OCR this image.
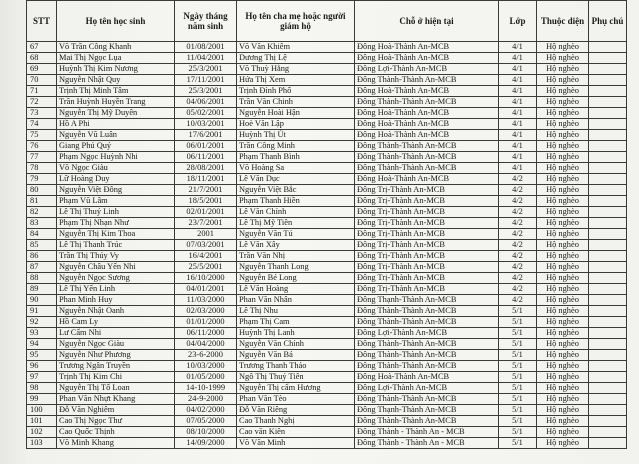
STT	Họ tên học sinh	Ngày tháng năm sinh	Họ tên cha mẹ hoặc người giám hộ	Chỗ ở hiện tại	Lớp	Thuộc diện	Phụ chú
67	Võ Trần Công Khanh	01/08/2001	Võ Văn Khiêm	Đông Hoà-Thành An-MCB	4/1	Hộ nghèo	
68	Mai Thị Ngọc Lụa	11/04/2001	Dương Thị Lệ	Đông Hoà-Thành An-MCB	4/1	Hộ nghèo	
69	Huỳnh Thị Kim Nương	25/3/2001	Võ Thuỳ Hằng	Đông Lợi-Thành An-MCB	4/1	Hộ nghèo	
70	Nguyễn Nhật Quy	17/11/2001	Hứa Thị Xem	Đông Thành-Thành An-MCB	4/1	Hộ nghèo	
71	Trịnh Thị Minh Tâm	25/3/2001	Trịnh Đình Phố	Đông Hoà-Thành An-MCB	4/1	Hộ nghèo	
72	Trần Huỳnh Huyền Trang	04/06/2001	Trần Văn Chinh	Đông Thành-Thành An-MCB	4/1	Hộ nghèo	
73	Nguyễn Thị Mỹ Duyên	05/02/2001	Nguyễn Hoài Hận	Đông Hoà-Thành An-MCB	4/1	Hộ nghèo	
74	Hồ A Phi	10/03/2001	Hoè Văn Lập	Đông Hoà-Thành An-MCB	4/1	Hộ nghèo	
75	Nguyễn Vũ Luân	17/6/2001	Huỳnh Thị Út	Đông Hoà-Thành An-MCB	4/1	Hộ nghèo	
76	Giang Phú Quý	06/01/2001	Trần Công Minh	Đông Thành-Thành An-MCB	4/1	Hộ nghèo	
77	Phạm Ngọc Huỳnh Nhi	06/11/2001	Phạm Thanh Bình	Đông Thành-Thành An-MCB	4/1	Hộ nghèo	
78	Võ Ngọc Giàu	28/08/2001	Võ Hoàng Sa	Đông Thành-Thành An-MCB	4/1	Hộ nghèo	
79	Lữ Hoàng Duy	18/11/2001	Lê Văn Dục	Đông Hoà-Thành An-MCB	4/2	Hộ nghèo	
80	Nguyễn Việt Đông	21/7/2001	Nguyễn Việt Bắc	Đông Trị-Thành An-MCB	4/2	Hộ nghèo	
81	Phạm Vũ Lâm	18/5/2001	Phạm Thanh Hiền	Đông Trị-Thành An-MCB	4/2	Hộ nghèo	
82	Lê Thị Thuý Linh	02/01/2001	Lê Văn Chính	Đông Trị-Thành An-MCB	4/2	Hộ nghèo	
83	Phạm Thị Nhạn Như	23/7/2001	Lê Thị Mỹ Tiên	Đông Trị-Thành An-MCB	4/2	Hộ nghèo	
84	Nguyễn Thị Kim Thoa	2001	Nguyễn Văn Tú	Đông Trị-Thành An-MCB	4/2	Hộ nghèo	
85	Lê Thị Thanh Trúc	07/03/2001	Lê Văn Xây	Đông Trị-Thành An-MCB	4/2	Hộ nghèo	
86	Trần Thị Thúy Vy	16/4/2001	Trần Văn Nhị	Đông Trị-Thành An-MCB	4/2	Hộ nghèo	
87	Nguyễn Châu Yến Nhi	25/5/2001	Nguyễn Thanh Long	Đông Trị-Thành An-MCB	4/2	Hộ nghèo	
88	Nguyễn Ngọc Sương	16/10/2000	Nguyễn Bé Long	Đông Trị-Thành An-MCB	4/2	Hộ nghèo	
89	Lê Thị Yến Linh	04/01/2001	Lê Văn Hoàng	Đông Trị-Thành An-MCB	4/2	Hộ nghèo	
90	Phan Minh Huy	11/03/2000	Phan Văn Nhân	Đông Thạnh-Thành An-MCB	4/2	Hộ nghèo	
91	Nguyễn Nhật Oanh	02/03/2000	Lê Thị Nhu	Đông Thành-Thành An-MCB	5/1	Hộ nghèo	
92	Hồ Cam Ly	01/01/2000	Phạm Thị Cam	Đông Thành-Thành An-MCB	5/1	Hộ nghèo	
93	Lư Cẩm Nhi	06/11/2000	Huỳnh Thị Lanh	Đông Lợi-Thành An-MCB	5/1	Hộ nghèo	
94	Nguyễn Ngọc Giàu	04/04/2000	Nguyễn Văn Chính	Đông Thành-Thành An-MCB	5/1	Hộ nghèo	
95	Nguyễn Như Phương	23-6-2000	Nguyễn Văn Bá	Đông Thành-Thành An-MCB	5/1	Hộ nghèo	
96	Trương Ngân Truyền	10/03/2000	Trương Thanh Thảo	Đông Thành-Thành An-MCB	5/1	Hộ nghèo	
97	Trịnh Thị Kim Chi	01/05/2000	Ngô Thị Thuỷ Tiên	Đông Hoà-Thành An-MCB	5/1	Hộ nghèo	
98	Nguyễn Thị Tố Loan	14-10-1999	Nguyễn Thị cẩm Hương	Đông Lợi-Thành An-MCB	5/1	Hộ nghèo	
99	Phan Văn Nhựt Khang	24-9-2000	Phan Văn Tèo	Đông Thành-Thành An-MCB	5/1	Hộ nghèo	
100	Đỗ Văn Nghiêm	04/02/2000	Đỗ Văn Riêng	Đông Thạnh-Thành An-MCB	5/1	Hộ nghèo	
101	Cao Thị Ngọc Thư	07/05/2000	Cao Thanh Nghị	Đông Thành-Thành An-MCB	5/1	Hộ nghèo	
102	Cao Quốc Thịnh	08/10/2000	Cao văn Kiên	Đông Thành - Thành An - MCB	5/1	Hộ nghèo	
103	Võ Minh Khang	14/09/2000	Võ Văn Minh	Đông Thành - Thành An - MCB	5/1	Hộ nghèo	
